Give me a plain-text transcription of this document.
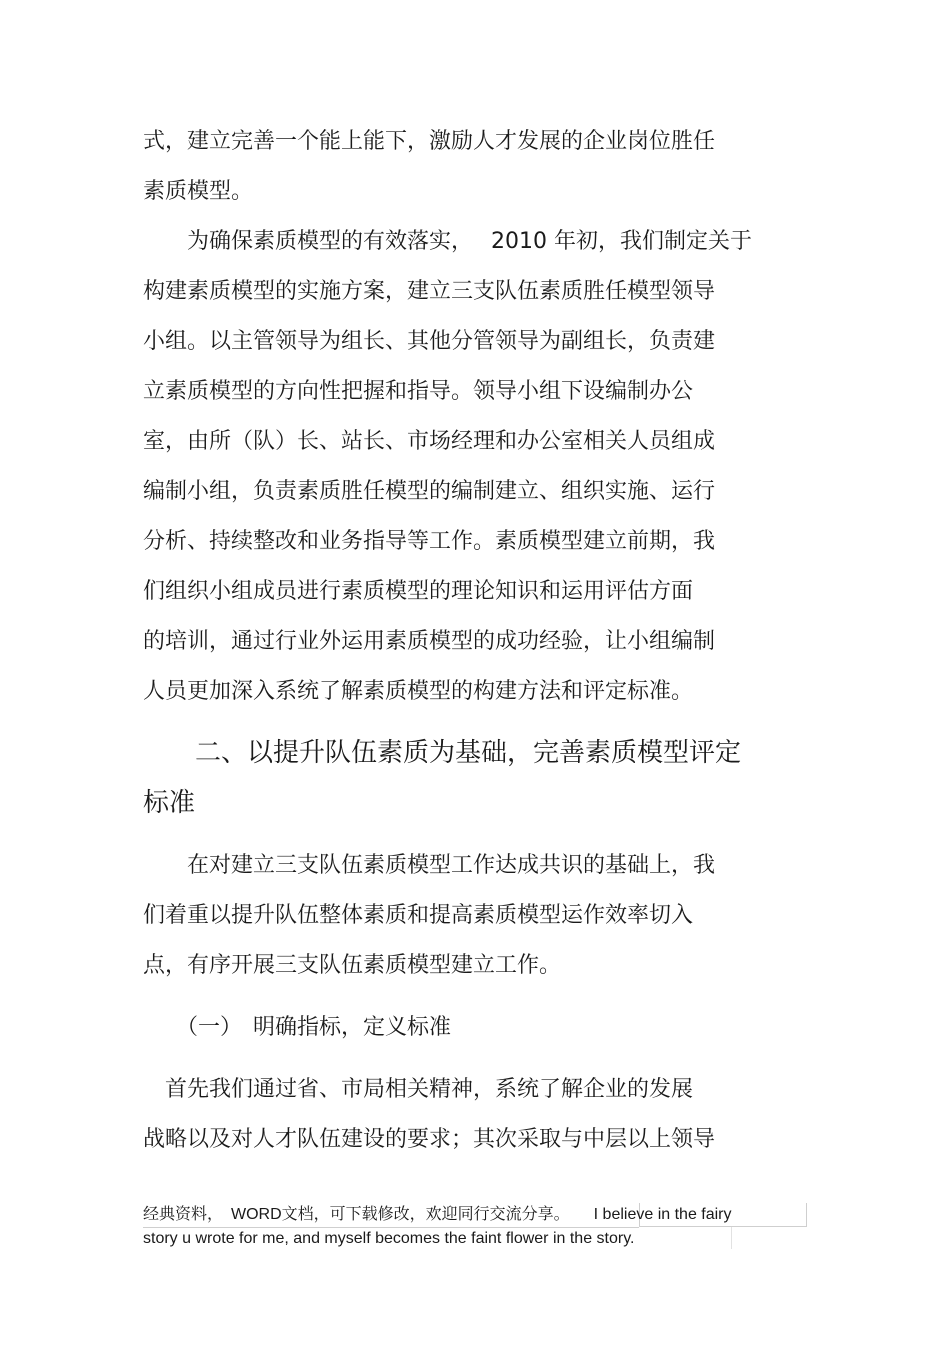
式，建立完善一个能上能下，激励人才发展的企业岗位胜任
素质模型。
　　为确保素质模型的有效落实，　 2010 年初，我们制定关于
构建素质模型的实施方案，建立三支队伍素质胜任模型领导
小组。以主管领导为组长、其他分管领导为副组长，负责建
立素质模型的方向性把握和指导。领导小组下设编制办公
室，由所（队）长、站长、市场经理和办公室相关人员组成
编制小组，负责素质胜任模型的编制建立、组织实施、运行
分析、持续整改和业务指导等工作。素质模型建立前期，我
们组织小组成员进行素质模型的理论知识和运用评估方面
的培训，通过行业外运用素质模型的成功经验，让小组编制
人员更加深入系统了解素质模型的构建方法和评定标准。
　　二、以提升队伍素质为基础，完善素质模型评定
标准
　　在对建立三支队伍素质模型工作达成共识的基础上，我
们着重以提升队伍整体素质和提高素质模型运作效率切入
点，有序开展三支队伍素质模型建立工作。
　　（一）　明确指标，定义标准
　首先我们通过省、市局相关精神，系统了解企业的发展
战略以及对人才队伍建设的要求；其次采取与中层以上领导
经典资料，　WORD文档，可下载修改，欢迎同行交流分享。　　I believe in the fairy
story u wrote for me, and myself becomes the faint flower in the story.
